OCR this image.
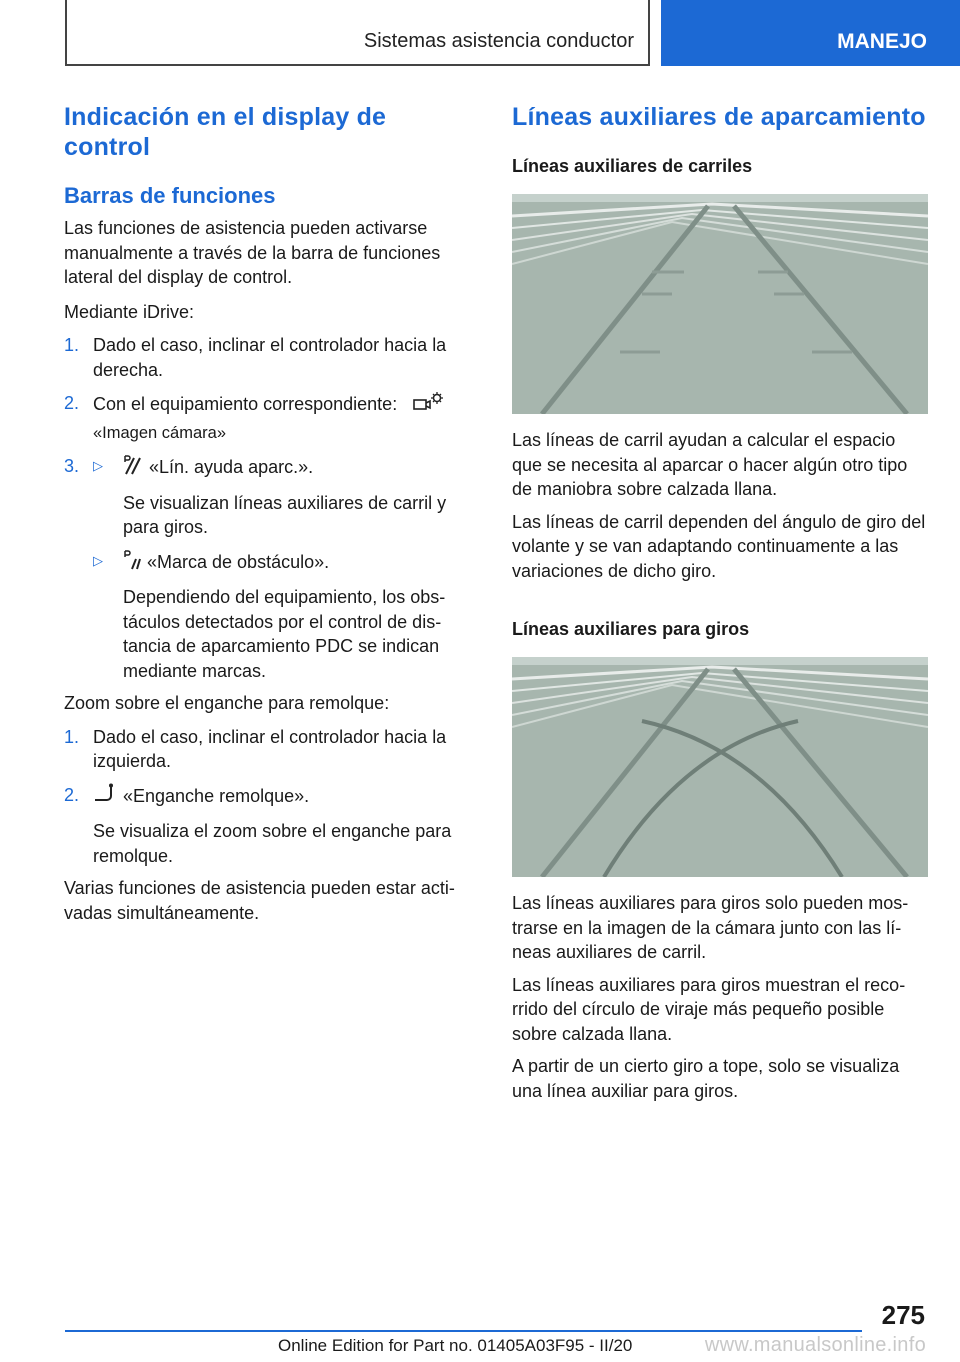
Sistemas asistencia conductor	MANEJO
Indicación en el display de control
Barras de funciones

Las funciones de asistencia pueden activarse manualmente a través de la barra de funciones lateral del display de control.

Mediante iDrive:

1. Dado el caso, inclinar el controlador hacia la derecha.
2. Con el equipamiento correspondiente:
«Imagen cámara»
3.	▷	«Lín. ayuda aparc.».
Se visualizan líneas auxiliares de carril y para giros.
▷	«Marca de obstáculo».
Dependiendo del equipamiento, los obs-táculos detectados por el control de dis-tancia de aparcamiento PDC se indican mediante marcas.

Zoom sobre el enganche para remolque:

1. Dado el caso, inclinar el controlador hacia la izquierda.
2.	«Enganche remolque».
Se visualiza el zoom sobre el enganche para remolque.

Varias funciones de asistencia pueden estar acti-vadas simultáneamente.

Líneas auxiliares de aparcamiento
Líneas auxiliares de carriles

Las líneas de carril ayudan a calcular el espacio que se necesita al aparcar o hacer algún otro tipo de maniobra sobre calzada llana.

Las líneas de carril dependen del ángulo de giro del volante y se van adaptando continuamente a las variaciones de dicho giro.

Líneas auxiliares para giros

Las líneas auxiliares para giros solo pueden mos-trarse en la imagen de la cámara junto con las lí-neas auxiliares de carril.

Las líneas auxiliares para giros muestran el reco-rrido del círculo de viraje más pequeño posible sobre calzada llana.

A partir de un cierto giro a tope, solo se visualiza una línea auxiliar para giros.

275
Online Edition for Part no. 01405A03F95 - II/20	www.manualsonline.info
